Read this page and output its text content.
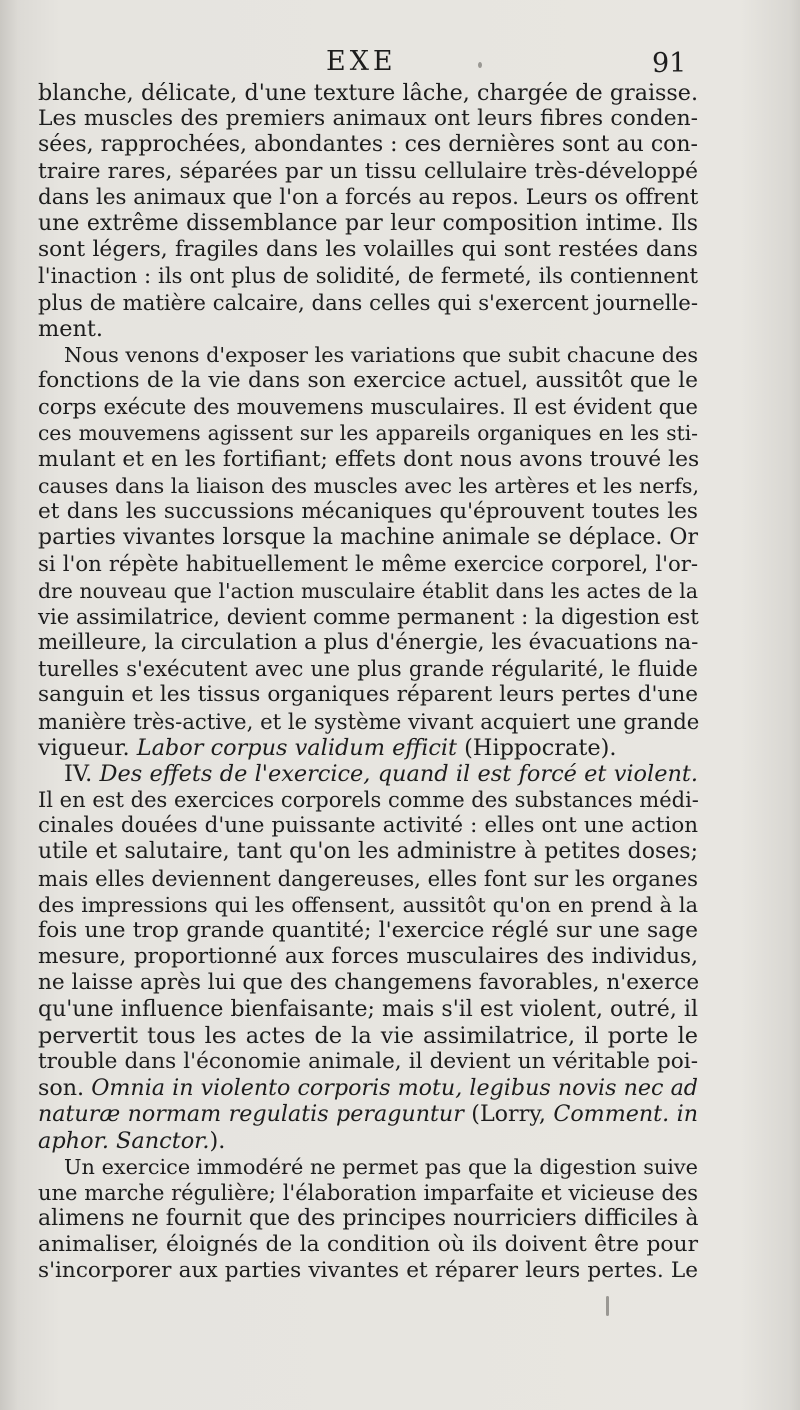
EXE	91
blanche, délicate, d'une texture lâche, chargée de graisse.
Les muscles des premiers animaux ont leurs fibres conden-
sées, rapprochées, abondantes : ces dernières sont au con-
traire rares, séparées par un tissu cellulaire très-développé
dans les animaux que l'on a forcés au repos. Leurs os offrent
une extrême dissemblance par leur composition intime. Ils
sont légers, fragiles dans les volailles qui sont restées dans
l'inaction : ils ont plus de solidité, de fermeté, ils contiennent
plus de matière calcaire, dans celles qui s'exercent journelle-
ment.
Nous venons d'exposer les variations que subit chacune des
fonctions de la vie dans son exercice actuel, aussitôt que le
corps exécute des mouvemens musculaires. Il est évident que
ces mouvemens agissent sur les appareils organiques en les sti-
mulant et en les fortifiant; effets dont nous avons trouvé les
causes dans la liaison des muscles avec les artères et les nerfs,
et dans les succussions mécaniques qu'éprouvent toutes les
parties vivantes lorsque la machine animale se déplace. Or
si l'on répète habituellement le même exercice corporel, l'or-
dre nouveau que l'action musculaire établit dans les actes de la
vie assimilatrice, devient comme permanent : la digestion est
meilleure, la circulation a plus d'énergie, les évacuations na-
turelles s'exécutent avec une plus grande régularité, le fluide
sanguin et les tissus organiques réparent leurs pertes d'une
manière très-active, et le système vivant acquiert une grande
vigueur. Labor corpus validum efficit (Hippocrate).
IV. Des effets de l'exercice, quand il est forcé et violent.
Il en est des exercices corporels comme des substances médi-
cinales douées d'une puissante activité : elles ont une action
utile et salutaire, tant qu'on les administre à petites doses;
mais elles deviennent dangereuses, elles font sur les organes
des impressions qui les offensent, aussitôt qu'on en prend à la
fois une trop grande quantité; l'exercice réglé sur une sage
mesure, proportionné aux forces musculaires des individus,
ne laisse après lui que des changemens favorables, n'exerce
qu'une influence bienfaisante; mais s'il est violent, outré, il
pervertit tous les actes de la vie assimilatrice, il porte le
trouble dans l'économie animale, il devient un véritable poi-
son. Omnia in violento corporis motu, legibus novis nec ad
naturæ normam regulatis peraguntur (Lorry, Comment. in
aphor. Sanctor.).
Un exercice immodéré ne permet pas que la digestion suive
une marche régulière; l'élaboration imparfaite et vicieuse des
alimens ne fournit que des principes nourriciers difficiles à
animaliser, éloignés de la condition où ils doivent être pour
s'incorporer aux parties vivantes et réparer leurs pertes. Le
